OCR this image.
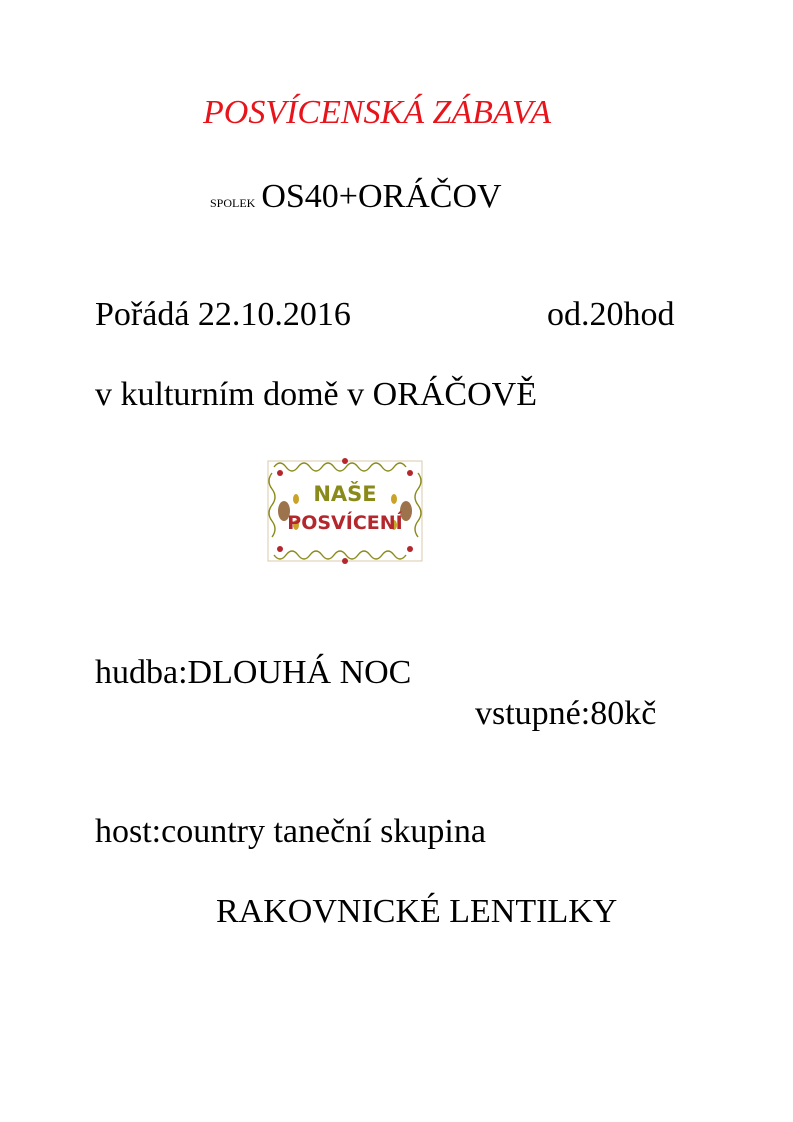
POSVÍCENSKÁ ZÁBAVA
SPOLEK OS40+ORÁČOV
Pořádá 22.10.2016	od.20hod
v kulturním domě v ORÁČOVĚ
NAŠE
POSVÍCENÍ
hudba:DLOUHÁ NOC
vstupné:80kč
host:country taneční skupina
RAKOVNICKÉ LENTILKY
